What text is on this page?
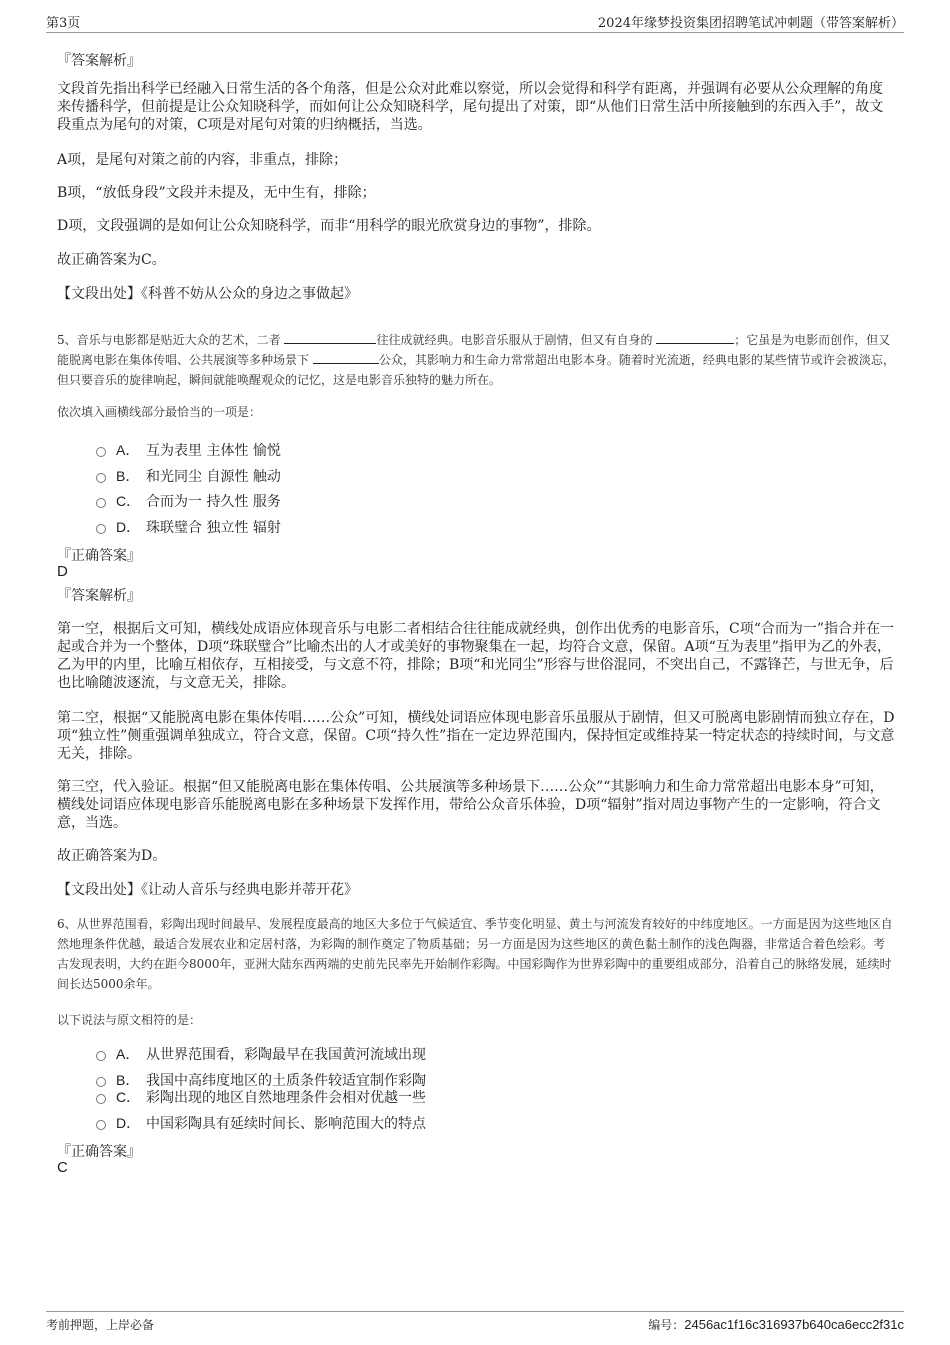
第3页	2024年缘梦投资集团招聘笔试冲刺题（带答案解析）

『答案解析』

文段首先指出科学已经融入日常生活的各个角落，但是公众对此难以察觉，所以会觉得和科学有距离，并强调有必要从公众理解的角度来传播科学，但前提是让公众知晓科学，而如何让公众知晓科学，尾句提出了对策，即“从他们日常生活中所接触到的东西入手”，故文段重点为尾句的对策，C项是对尾句对策的归纳概括，当选。

A项，是尾句对策之前的内容，非重点，排除；

B项，“放低身段”文段并未提及，无中生有，排除；

D项，文段强调的是如何让公众知晓科学，而非“用科学的眼光欣赏身边的事物”，排除。

故正确答案为C。

【文段出处】《科普不妨从公众的身边之事做起》

5、音乐与电影都是贴近大众的艺术，二者	往往成就经典。电影音乐服从于剧情，但又有自身的	；它虽是为电影而创作，但又能脱离电影在集体传唱、公共展演等多种场景下	公众，其影响力和生命力常常超出电影本身。随着时光流逝，经典电影的某些情节或许会被淡忘，但只要音乐的旋律响起，瞬间就能唤醒观众的记忆，这是电影音乐独特的魅力所在。

依次填入画横线部分最恰当的一项是：

A． 互为表里 主体性 愉悦
B． 和光同尘 自源性 触动
C． 合而为一 持久性 服务
D． 珠联璧合 独立性 辐射

『正确答案』

D

『答案解析』

第一空，根据后文可知，横线处成语应体现音乐与电影二者相结合往往能成就经典，创作出优秀的电影音乐，C项“合而为一”指合并在一起或合并为一个整体，D项“珠联璧合”比喻杰出的人才或美好的事物聚集在一起，均符合文意，保留。A项“互为表里”指甲为乙的外表，乙为甲的内里，比喻互相依存，互相接受，与文意不符，排除；B项“和光同尘”形容与世俗混同，不突出自己，不露锋芒，与世无争，后也比喻随波逐流，与文意无关，排除。

第二空，根据“又能脱离电影在集体传唱……公众”可知，横线处词语应体现电影音乐虽服从于剧情，但又可脱离电影剧情而独立存在，D项“独立性”侧重强调单独成立，符合文意，保留。C项“持久性”指在一定边界范围内，保持恒定或维持某一特定状态的持续时间，与文意无关，排除。

第三空，代入验证。根据“但又能脱离电影在集体传唱、公共展演等多种场景下……公众”“其影响力和生命力常常超出电影本身”可知，横线处词语应体现电影音乐能脱离电影在多种场景下发挥作用，带给公众音乐体验，D项“辐射”指对周边事物产生的一定影响，符合文意，当选。

故正确答案为D。

【文段出处】《让动人音乐与经典电影并蒂开花》

6、从世界范围看，彩陶出现时间最早、发展程度最高的地区大多位于气候适宜、季节变化明显、黄土与河流发育较好的中纬度地区。一方面是因为这些地区自然地理条件优越，最适合发展农业和定居村落，为彩陶的制作奠定了物质基础；另一方面是因为这些地区的黄色黏土制作的浅色陶器，非常适合着色绘彩。考古发现表明，大约在距今8000年，亚洲大陆东西两端的史前先民率先开始制作彩陶。中国彩陶作为世界彩陶中的重要组成部分，沿着自己的脉络发展，延续时间长达5000余年。

以下说法与原文相符的是：

A． 从世界范围看，彩陶最早在我国黄河流域出现
B． 我国中高纬度地区的土质条件较适宜制作彩陶
C． 彩陶出现的地区自然地理条件会相对优越一些
D． 中国彩陶具有延续时间长、影响范围大的特点

『正确答案』

C

考前押题，上岸必备	编号：2456ac1f16c316937b640ca6ecc2f31c
